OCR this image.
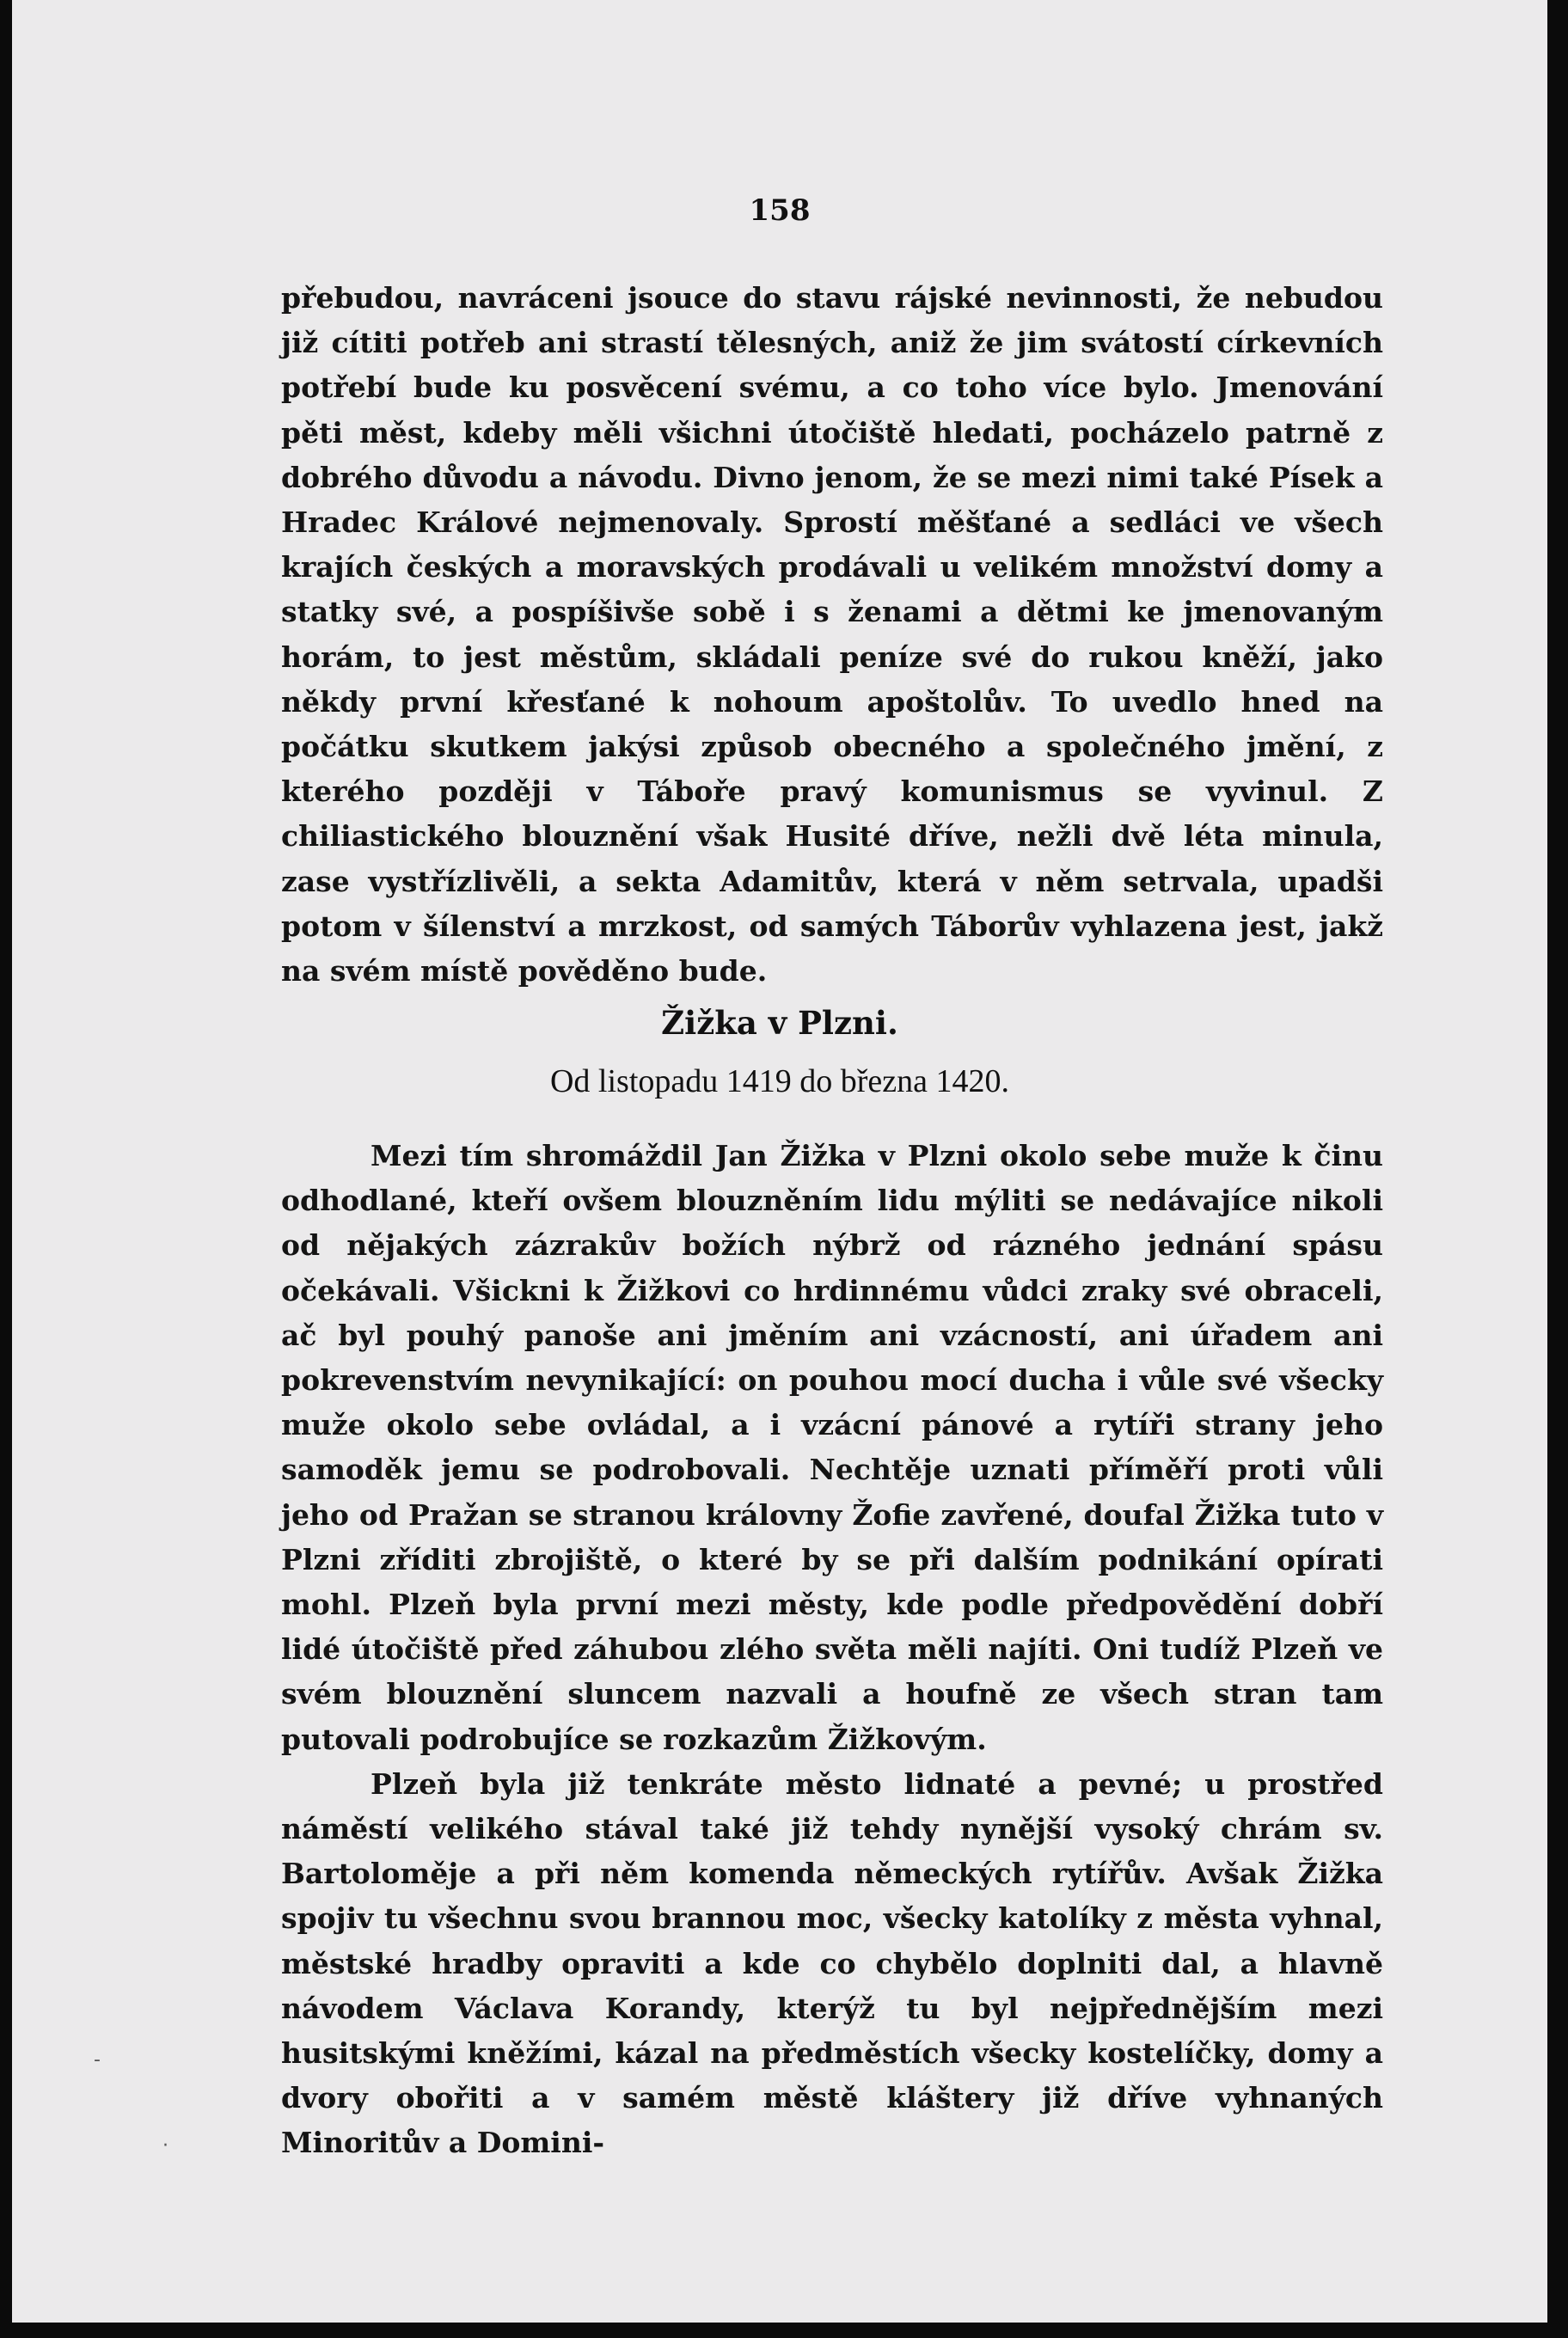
158

přebudou, navráceni jsouce do stavu rájské nevinnosti, že nebudou již cítiti potřeb ani strastí tělesných, aniž že jim svátostí církevních potřebí bude ku posvěcení svému, a co toho více bylo. Jmenování pěti měst, kdeby měli všichni útočiště hledati, pocházelo patrně z dobrého důvodu a návodu. Divno jenom, že se mezi nimi také Písek a Hradec Králové nejmenovaly. Sprostí měšťané a sedláci ve všech krajích českých a moravských prodávali u velikém množství domy a statky své, a pospíšivše sobě i s ženami a dětmi ke jmenovaným horám, to jest městům, skládali peníze své do rukou kněží, jako někdy první křesťané k nohoum apoštolův. To uvedlo hned na počátku skutkem jakýsi způsob obecného a společného jmění, z kterého později v Táboře pravý komunismus se vyvinul. Z chiliastického blouznění však Husité dříve, nežli dvě léta minula, zase vystřízlivěli, a sekta Adamitův, která v něm setrvala, upadši potom v šílenství a mrzkost, od samých Táborův vyhlazena jest, jakž na svém místě pověděno bude.

Žižka v Plzni.
Od listopadu 1419 do března 1420.

Mezi tím shromáždil Jan Žižka v Plzni okolo sebe muže k činu odhodlané, kteří ovšem blouzněním lidu mýliti se nedávajíce nikoli od nějakých zázrakův božích nýbrž od rázného jednání spásu očekávali. Všickni k Žižkovi co hrdinnému vůdci zraky své obraceli, ač byl pouhý panoše ani jměním ani vzácností, ani úřadem ani pokrevenstvím nevynikající: on pouhou mocí ducha i vůle své všecky muže okolo sebe ovládal, a i vzácní pánové a rytíři strany jeho samoděk jemu se podrobovali. Nechtěje uznati příměří proti vůli jeho od Pražan se stranou královny Žofie zavřené, doufal Žižka tuto v Plzni zříditi zbrojiště, o které by se při dalším podnikání opírati mohl. Plzeň byla první mezi městy, kde podle předpovědění dobří lidé útočiště před záhubou zlého světa měli najíti. Oni tudíž Plzeň ve svém blouznění sluncem nazvali a houfně ze všech stran tam putovali podrobujíce se rozkazům Žižkovým.

Plzeň byla již tenkráte město lidnaté a pevné; u prostřed náměstí velikého stával také již tehdy nynější vysoký chrám sv. Bartoloměje a při něm komenda německých rytířův. Avšak Žižka spojiv tu všechnu svou brannou moc, všecky katolíky z města vyhnal, městské hradby opraviti a kde co chybělo doplniti dal, a hlavně návodem Václava Korandy, kterýž tu byl nejpřednějším mezi husitskými kněžími, kázal na předměstích všecky kostelíčky, domy a dvory obořiti a v samém městě kláštery již dříve vyhnaných Minoritův a Domini-

-
·
